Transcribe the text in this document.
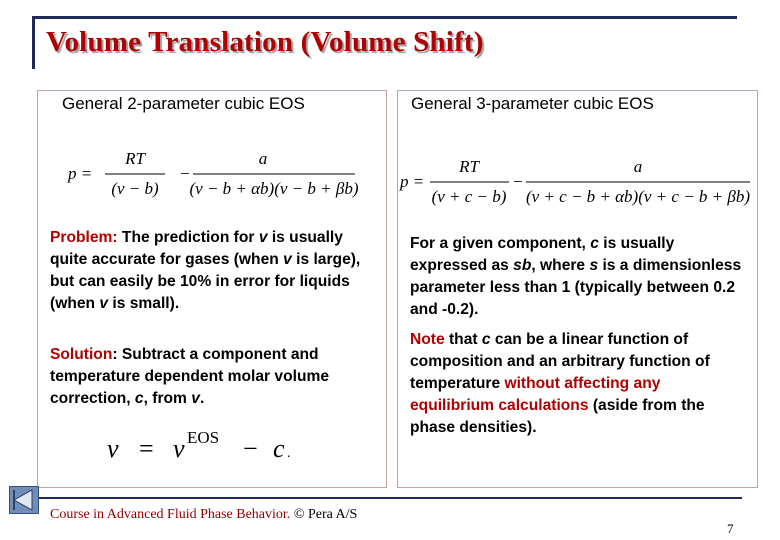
Volume Translation (Volume Shift)
General 2-parameter cubic EOS
p =
RT
(v − b)
−
a
(v − b + αb)(v − b + βb)

Problem: The prediction for v is usually quite accurate for gases (when v is large), but can easily be 10% in error for liquids (when v is small).

Solution: Subtract a component and temperature dependent molar volume correction, c, from v.

v = v EOS − c .
General 3-parameter cubic EOS
p =
RT
(v + c − b)
−
a
(v + c − b + αb)(v + c − b + βb)

For a given component, c is usually expressed as sb, where s is a dimensionless parameter less than 1 (typically between 0.2 and -0.2).

Note that c can be a linear function of composition and an arbitrary function of temperature without affecting any equilibrium calculations (aside from the phase densities).

Course in Advanced Fluid Phase Behavior. © Pera A/S
7
